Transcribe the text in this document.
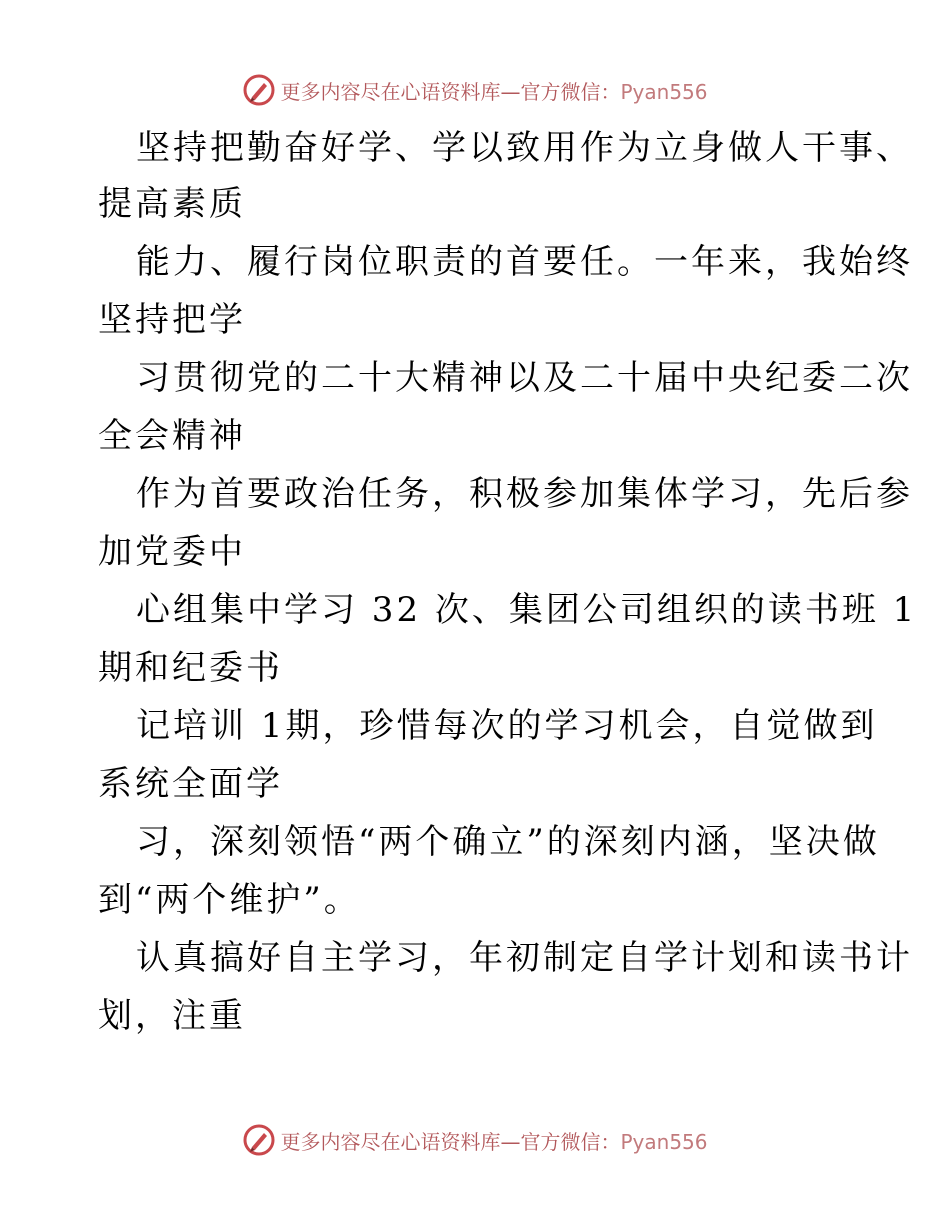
更多内容尽在心语资料库—官方微信：Pyan556
坚持把勤奋好学、学以致用作为立身做人干事、
提高素质
能力、履行岗位职责的首要任。一年来，我始终
坚持把学
习贯彻党的二十大精神以及二十届中央纪委二次
全会精神
作为首要政治任务，积极参加集体学习，先后参
加党委中
心组集中学习 32 次、集团公司组织的读书班 1
期和纪委书
记培训 1期，珍惜每次的学习机会，自觉做到
系统全面学
习，深刻领悟“两个确立”的深刻内涵，坚决做
到“两个维护”。
认真搞好自主学习，年初制定自学计划和读书计
划，注重
更多内容尽在心语资料库—官方微信：Pyan556
